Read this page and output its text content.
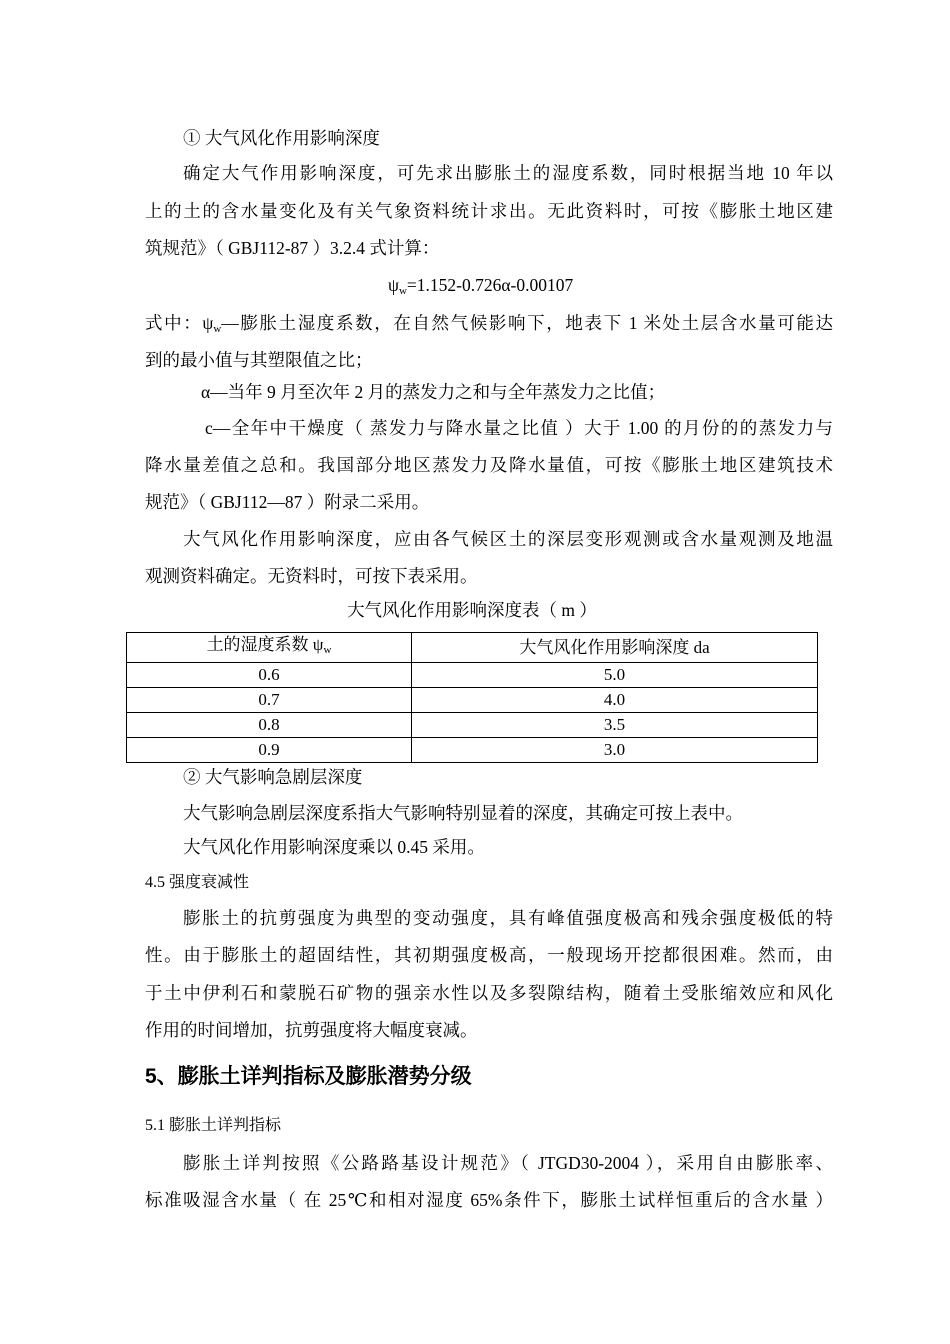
① 大气风化作用影响深度
确定大气作用影响深度，可先求出膨胀土的湿度系数，同时根据当地 10 年以
上的土的含水量变化及有关气象资料统计求出。无此资料时，可按《膨胀土地区建
筑规范》（ GBJ112-87 ）3.2.4 式计算：
$\psi_w=1.152-0.726\alpha-0.00107$
式中：$\psi_w—$膨胀土湿度系数，在自然气候影响下，地表下 1 米处土层含水量可能达
到的最小值与其塑限值之比；
α—当年 9 月至次年 2 月的蒸发力之和与全年蒸发力之比值；
c—全年中干燥度（ 蒸发力与降水量之比值 ）大于 1.00 的月份的的蒸发力与
降水量差值之总和。我国部分地区蒸发力及降水量值，可按《膨胀土地区建筑技术
规范》（ GBJ112—87 ）附录二采用。
大气风化作用影响深度，应由各气候区土的深层变形观测或含水量观测及地温
观测资料确定。无资料时，可按下表采用。
大气风化作用影响深度表（ m ）
土的湿度系数 $\psi_w$	大气风化作用影响深度 da
0.6	5.0
0.7	4.0
0.8	3.5
0.9	3.0
② 大气影响急剧层深度
大气影响急剧层深度系指大气影响特别显着的深度，其确定可按上表中。
大气风化作用影响深度乘以 0.45 采用。
4.5 强度衰减性
膨胀土的抗剪强度为典型的变动强度，具有峰值强度极高和残余强度极低的特
性。由于膨胀土的超固结性，其初期强度极高，一般现场开挖都很困难。然而，由
于土中伊利石和蒙脱石矿物的强亲水性以及多裂隙结构，随着土受胀缩效应和风化
作用的时间增加，抗剪强度将大幅度衰减。
5、膨胀土详判指标及膨胀潜势分级
5.1 膨胀土详判指标
膨胀土详判按照《公路路基设计规范》（ JTGD30-2004 ），采用自由膨胀率、
标准吸湿含水量（ 在 25℃和相对湿度 65%条件下，膨胀土试样恒重后的含水量 ）
